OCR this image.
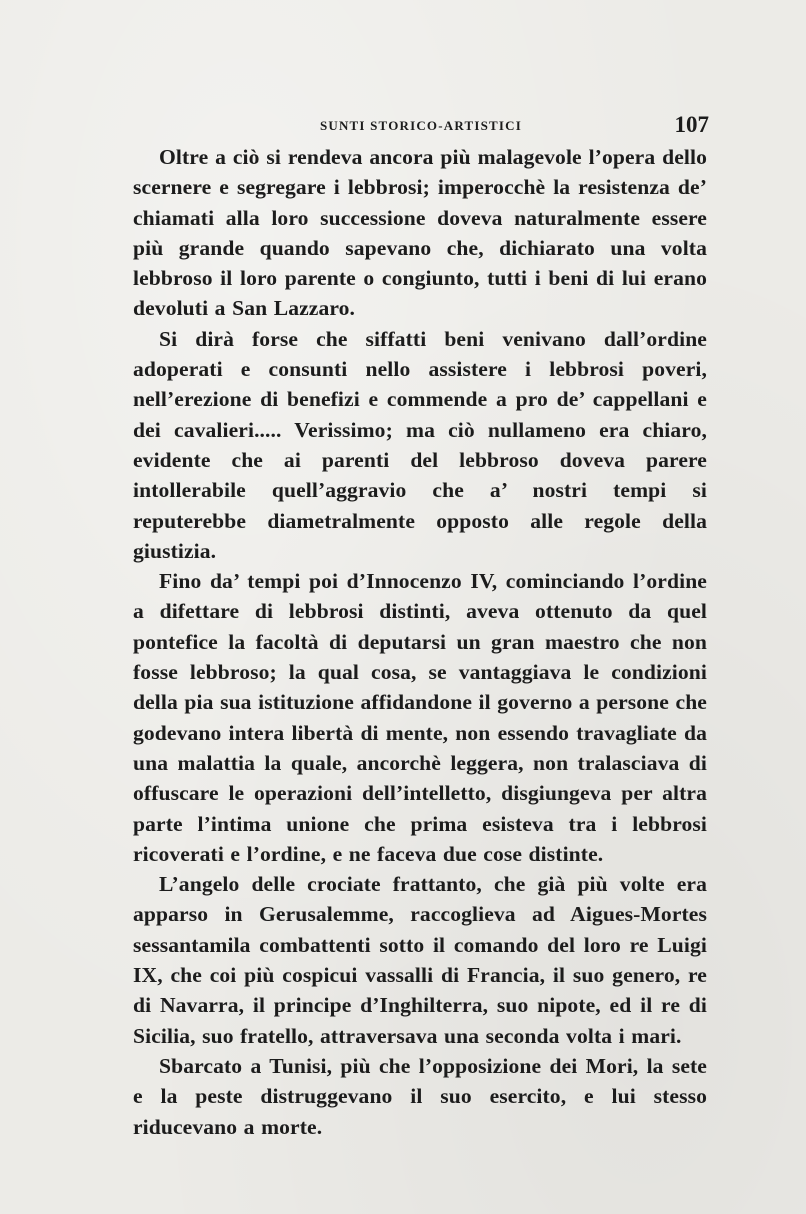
SUNTI STORICO-ARTISTICI	107

Oltre a ciò si rendeva ancora più malagevole l’opera dello scernere e segregare i lebbrosi; imperocchè la resistenza de’ chiamati alla loro successione doveva naturalmente essere più grande quando sapevano che, dichiarato una volta lebbroso il loro parente o congiunto, tutti i beni di lui erano devoluti a San Lazzaro.

Si dirà forse che siffatti beni venivano dall’ordine adoperati e consunti nello assistere i lebbrosi poveri, nell’erezione di benefizi e commende a pro de’ cappellani e dei cavalieri..... Verissimo; ma ciò nullameno era chiaro, evidente che ai parenti del lebbroso doveva parere intollerabile quell’aggravio che a’ nostri tempi si reputerebbe diametralmente opposto alle regole della giustizia.

Fino da’ tempi poi d’Innocenzo IV, cominciando l’ordine a difettare di lebbrosi distinti, aveva ottenuto da quel pontefice la facoltà di deputarsi un gran maestro che non fosse lebbroso; la qual cosa, se vantaggiava le condizioni della pia sua istituzione affidandone il governo a persone che godevano intera libertà di mente, non essendo travagliate da una malattia la quale, ancorchè leggera, non tralasciava di offuscare le operazioni dell’intelletto, disgiungeva per altra parte l’intima unione che prima esisteva tra i lebbrosi ricoverati e l’ordine, e ne faceva due cose distinte.

L’angelo delle crociate frattanto, che già più volte era apparso in Gerusalemme, raccoglieva ad Aigues-Mortes sessantamila combattenti sotto il comando del loro re Luigi IX, che coi più cospicui vassalli di Francia, il suo genero, re di Navarra, il principe d’Inghilterra, suo nipote, ed il re di Sicilia, suo fratello, attraversava una seconda volta i mari.

Sbarcato a Tunisi, più che l’opposizione dei Mori, la sete e la peste distruggevano il suo esercito, e lui stesso riducevano a morte.
